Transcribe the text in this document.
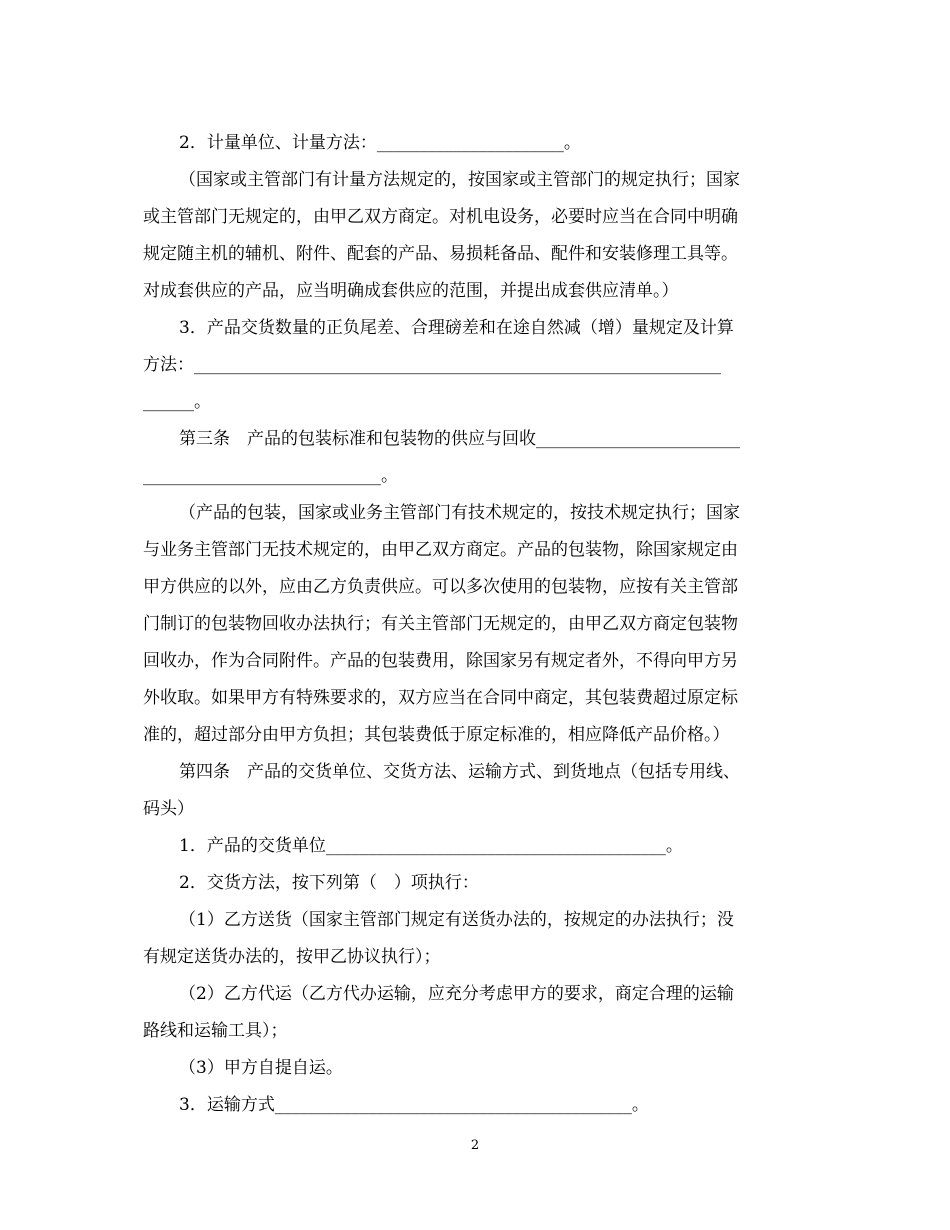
2．计量单位、计量方法：______________________。
（国家或主管部门有计量方法规定的，按国家或主管部门的规定执行；国家
或主管部门无规定的，由甲乙双方商定。对机电设务，必要时应当在合同中明确
规定随主机的辅机、附件、配套的产品、易损耗备品、配件和安装修理工具等。
对成套供应的产品，应当明确成套供应的范围，并提出成套供应清单。）
3．产品交货数量的正负尾差、合理磅差和在途自然减（增）量规定及计算
方法：______________________________________________________________
______。
第三条　产品的包装标准和包装物的供应与回收________________________
____________________________。
（产品的包装，国家或业务主管部门有技术规定的，按技术规定执行；国家
与业务主管部门无技术规定的，由甲乙双方商定。产品的包装物，除国家规定由
甲方供应的以外，应由乙方负责供应。可以多次使用的包装物，应按有关主管部
门制订的包装物回收办法执行；有关主管部门无规定的，由甲乙双方商定包装物
回收办，作为合同附件。产品的包装费用，除国家另有规定者外，不得向甲方另
外收取。如果甲方有特殊要求的，双方应当在合同中商定，其包装费超过原定标
准的，超过部分由甲方负担；其包装费低于原定标准的，相应降低产品价格。）
第四条　产品的交货单位、交货方法、运输方式、到货地点（包括专用线、
码头）
1．产品的交货单位________________________________________。
2．交货方法，按下列第（　）项执行：
（1）乙方送货（国家主管部门规定有送货办法的，按规定的办法执行；没
有规定送货办法的，按甲乙协议执行）；
（2）乙方代运（乙方代办运输，应充分考虑甲方的要求，商定合理的运输
路线和运输工具）；
（3）甲方自提自运。
3．运输方式__________________________________________。
2
